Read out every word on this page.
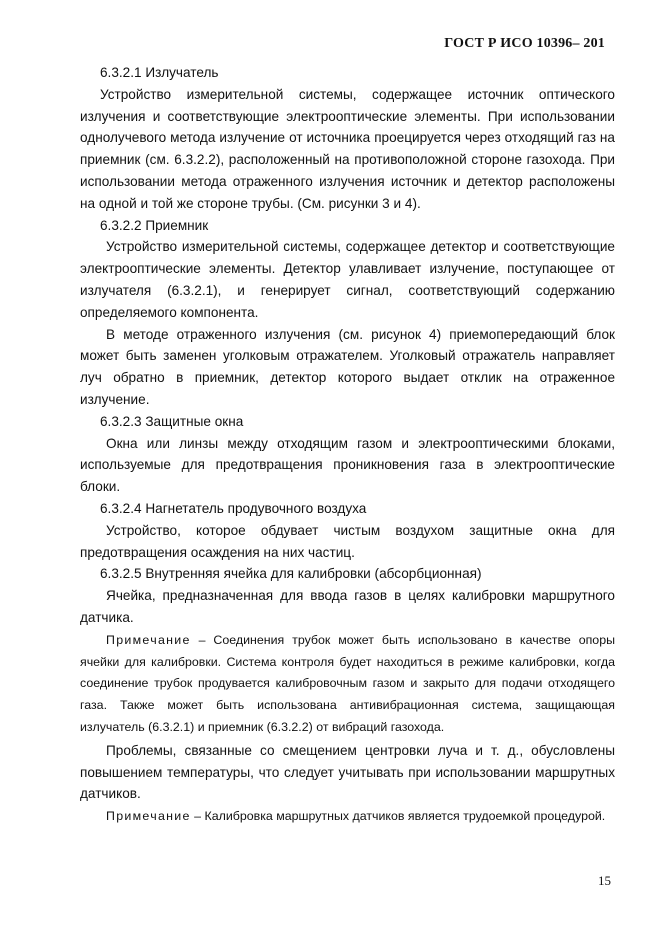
ГОСТ Р ИСО 10396– 201

6.3.2.1 Излучатель

Устройство измерительной системы, содержащее источник оптического излучения и соответствующие электрооптические элементы. При использовании однолучевого метода излучение от источника проецируется через отходящий газ на приемник (см. 6.3.2.2), расположенный на противоположной стороне газохода. При использовании метода отраженного излучения источник и детектор расположены на одной и той же стороне трубы. (См. рисунки 3 и 4).

6.3.2.2 Приемник

Устройство измерительной системы, содержащее детектор и соответствующие электрооптические элементы. Детектор улавливает излучение, поступающее от излучателя (6.3.2.1), и генерирует сигнал, соответствующий содержанию определяемого компонента.

В методе отраженного излучения (см. рисунок 4) приемопередающий блок может быть заменен уголковым отражателем. Уголковый отражатель направляет луч обратно в приемник, детектор которого выдает отклик на отраженное излучение.

6.3.2.3 Защитные окна

Окна или линзы между отходящим газом и электрооптическими блоками, используемые для предотвращения проникновения газа в электрооптические блоки.

6.3.2.4 Нагнетатель продувочного воздуха

Устройство, которое обдувает чистым воздухом защитные окна для предотвращения осаждения на них частиц.

6.3.2.5 Внутренняя ячейка для калибровки (абсорбционная)

Ячейка, предназначенная для ввода газов в целях калибровки маршрутного датчика.

Примечание – Соединения трубок может быть использовано в качестве опоры ячейки для калибровки. Система контроля будет находиться в режиме калибровки, когда соединение трубок продувается калибровочным газом и закрыто для подачи отходящего газа. Также может быть использована антивибрационная система, защищающая излучатель (6.3.2.1) и приемник (6.3.2.2) от вибраций газохода.

Проблемы, связанные со смещением центровки луча и т. д., обусловлены повышением температуры, что следует учитывать при использовании маршрутных датчиков.

Примечание – Калибровка маршрутных датчиков является трудоемкой процедурой.

15
